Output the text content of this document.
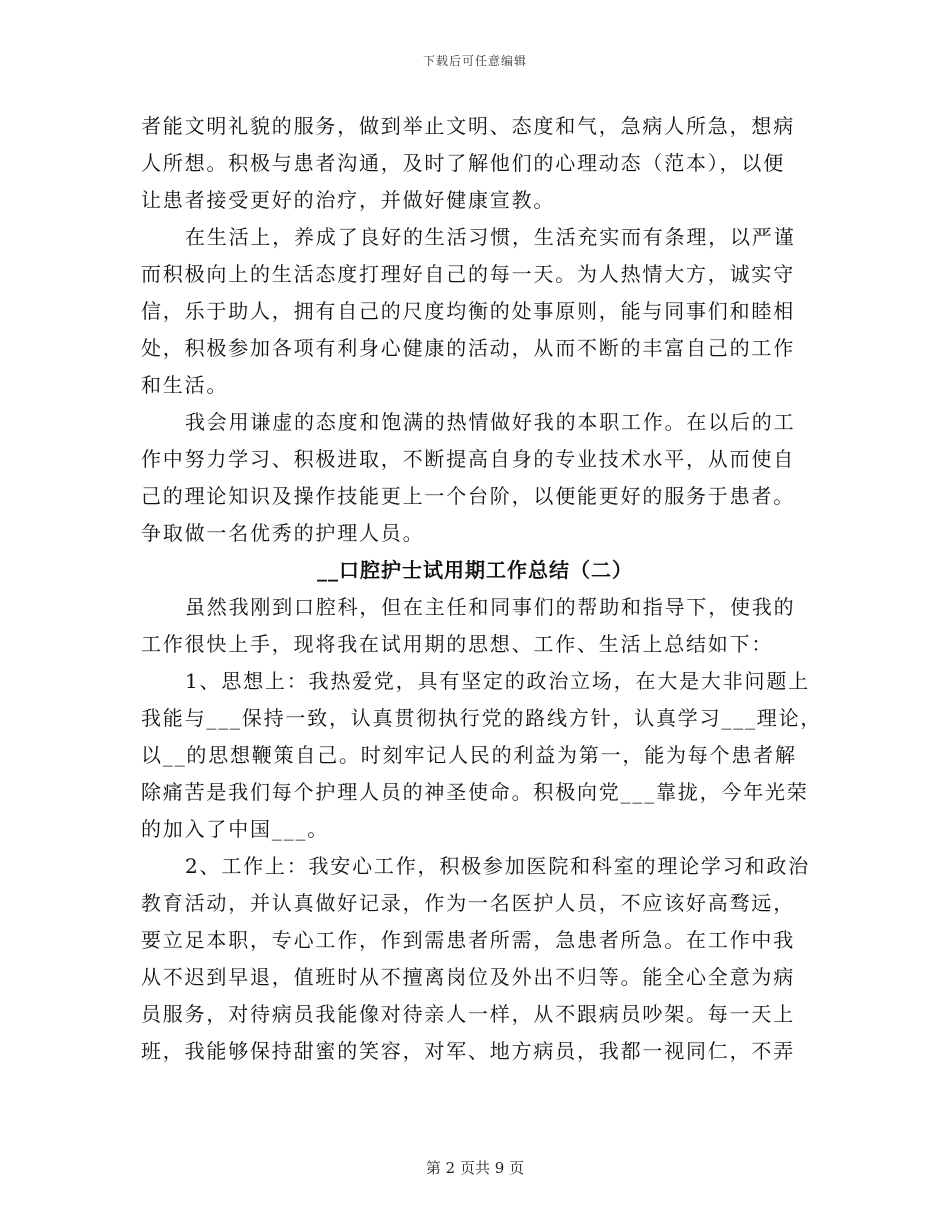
下载后可任意编辑
者能文明礼貌的服务，做到举止文明、态度和气，急病人所急，想病
人所想。积极与患者沟通，及时了解他们的心理动态（范本），以便
让患者接受更好的治疗，并做好健康宣教。
在生活上，养成了良好的生活习惯，生活充实而有条理，以严谨
而积极向上的生活态度打理好自己的每一天。为人热情大方，诚实守
信，乐于助人，拥有自己的尺度均衡的处事原则，能与同事们和睦相
处，积极参加各项有利身心健康的活动，从而不断的丰富自己的工作
和生活。
我会用谦虚的态度和饱满的热情做好我的本职工作。在以后的工
作中努力学习、积极进取，不断提高自身的专业技术水平，从而使自
己的理论知识及操作技能更上一个台阶，以便能更好的服务于患者。
争取做一名优秀的护理人员。
__口腔护士试用期工作总结（二）
虽然我刚到口腔科，但在主任和同事们的帮助和指导下，使我的
工作很快上手，现将我在试用期的思想、工作、生活上总结如下：
1、思想上：我热爱党，具有坚定的政治立场，在大是大非问题上
我能与___保持一致，认真贯彻执行党的路线方针，认真学习___理论，
以__的思想鞭策自己。时刻牢记人民的利益为第一，能为每个患者解
除痛苦是我们每个护理人员的神圣使命。积极向党___靠拢，今年光荣
的加入了中国___。
2、工作上：我安心工作，积极参加医院和科室的理论学习和政治
教育活动，并认真做好记录，作为一名医护人员，不应该好高骛远，
要立足本职，专心工作，作到需患者所需，急患者所急。在工作中我
从不迟到早退，值班时从不擅离岗位及外出不归等。能全心全意为病
员服务，对待病员我能像对待亲人一样，从不跟病员吵架。每一天上
班，我能够保持甜蜜的笑容，对军、地方病员，我都一视同仁，不弄
第 2 页共 9 页
